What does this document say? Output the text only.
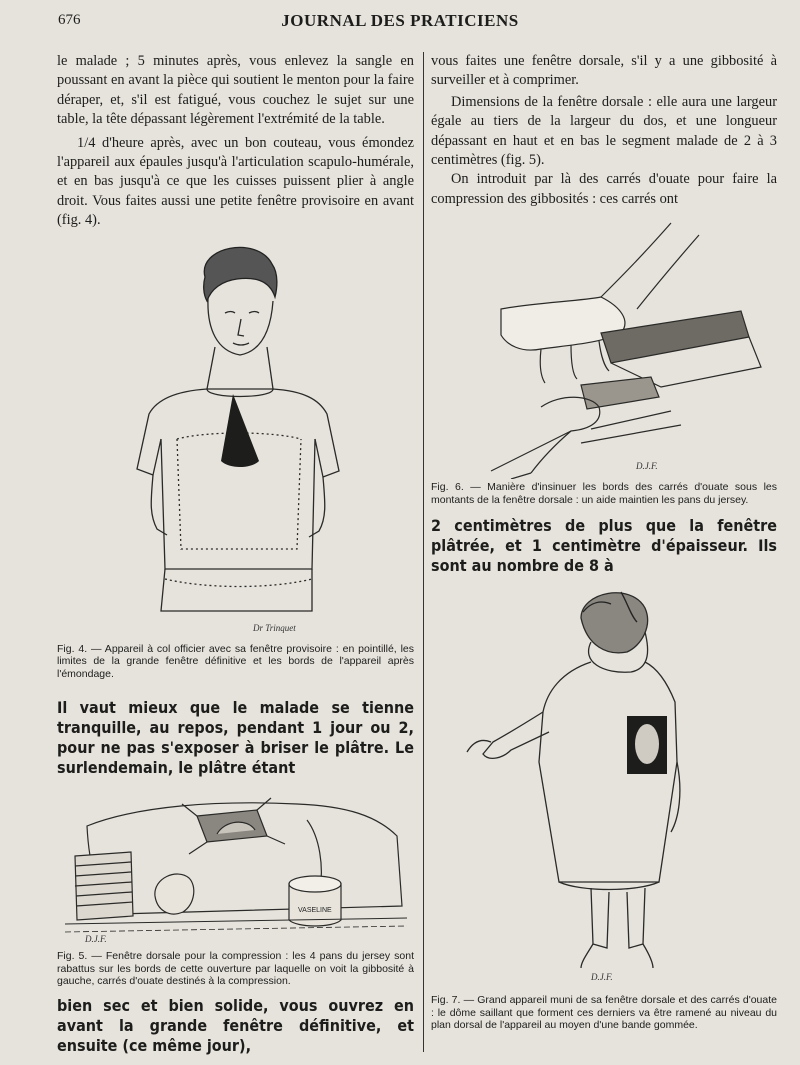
676	JOURNAL DES PRATICIENS

le malade ; 5 minutes après, vous enlevez la sangle en poussant en avant la pièce qui soutient le menton pour la faire déraper, et, s'il est fatigué, vous couchez le sujet sur une table, la tête dépassant légèrement l'extrémité de la table.

1/4 d'heure après, avec un bon couteau, vous émondez l'appareil aux épaules jusqu'à l'articulation scapulo-humérale, et en bas jusqu'à ce que les cuisses puissent plier à angle droit. Vous faites aussi une petite fenêtre provisoire en avant (fig. 4).

Dr Trinquet

Fig. 4. — Appareil à col officier avec sa fenêtre provisoire : en pointillé, les limites de la grande fenêtre définitive et les bords de l'appareil après l'émondage.

Il vaut mieux que le malade se tienne tranquille, au repos, pendant 1 jour ou 2, pour ne pas s'exposer à briser le plâtre. Le surlendemain, le plâtre étant

VASELINE
D.J.F.

Fig. 5. — Fenêtre dorsale pour la compression : les 4 pans du jersey sont rabattus sur les bords de cette ouverture par laquelle on voit la gibbosité à gauche, carrés d'ouate destinés à la compression.

bien sec et bien solide, vous ouvrez en avant la grande fenêtre définitive, et ensuite (ce même jour),

vous faites une fenêtre dorsale, s'il y a une gibbosité à surveiller et à comprimer.

Dimensions de la fenêtre dorsale : elle aura une largeur égale au tiers de la largeur du dos, et une longueur dépassant en haut et en bas le segment malade de 2 à 3 centimètres (fig. 5).

On introduit par là des carrés d'ouate pour faire la compression des gibbosités : ces carrés ont

D.J.F.

Fig. 6. — Manière d'insinuer les bords des carrés d'ouate sous les montants de la fenêtre dorsale : un aide maintien les pans du jersey.

2 centimètres de plus que la fenêtre plâtrée, et 1 centimètre d'épaisseur. Ils sont au nombre de 8 à

D.J.F.

Fig. 7. — Grand appareil muni de sa fenêtre dorsale et des carrés d'ouate : le dôme saillant que forment ces derniers va être ramené au niveau du plan dorsal de l'appareil au moyen d'une bande gommée.
